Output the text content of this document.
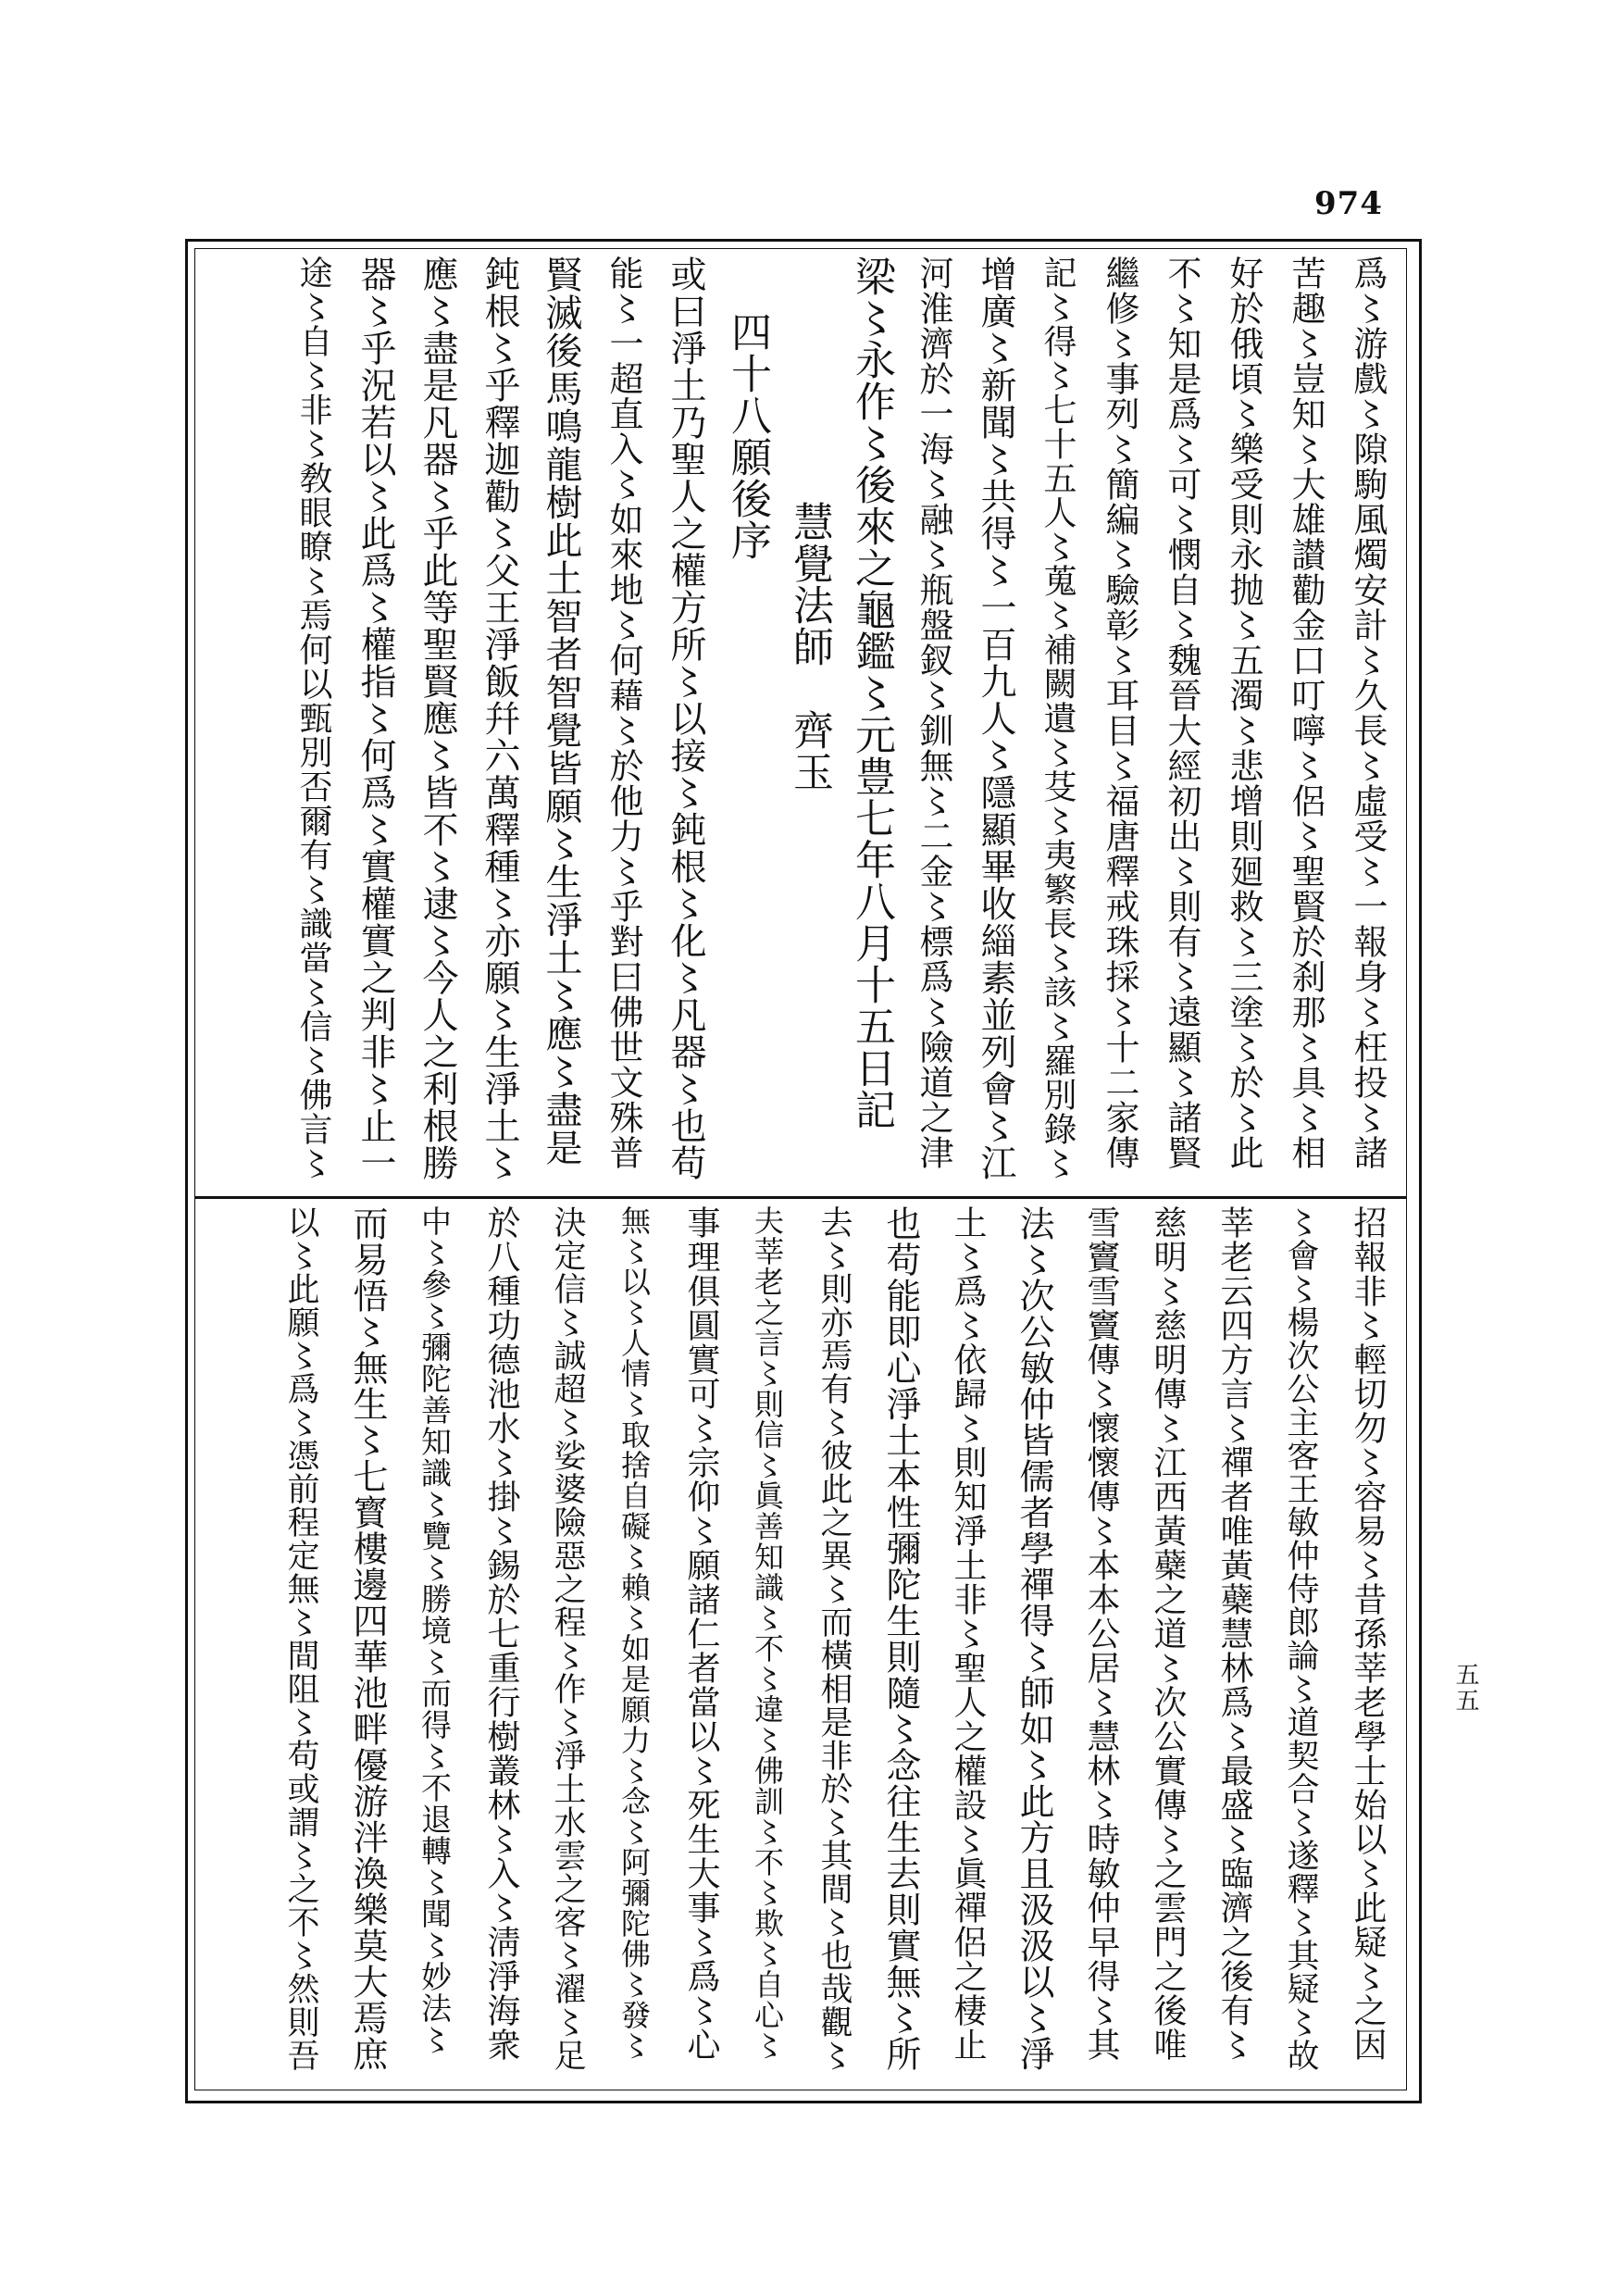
974
五五
爲〻游戲〻隙駒風燭安計〻久長〻虛受〻一報身〻枉投〻諸
苦趣〻豈知〻大雄讃勸金口叮嚀〻侶〻聖賢於刹那〻具〻相
好於俄頃〻樂受則永抛〻五濁〻悲增則廻救〻三塗〻於〻此
不〻知是爲〻可〻憫自〻魏晉大經初出〻則有〻遠顯〻諸賢
繼修〻事列〻簡編〻驗彰〻耳目〻福唐釋戒珠採〻十二家傳
記〻得〻七十五人〻蒐〻補闕遺〻芟〻夷繁長〻該〻羅別錄〻
增廣〻新聞〻共得〻一百九人〻隱顯畢收緇素並列會〻江
河淮濟於一海〻融〻瓶盤釵〻釧無〻二金〻標爲〻險道之津
梁〻永作〻後來之龜鑑〻元豊七年八月十五日記
慧覺法師　齊玉
四十八願後序
或曰淨土乃聖人之權方所〻以接〻鈍根〻化〻凡器〻也苟
能〻一超直入〻如來地〻何藉〻於他力〻乎對曰佛世文殊普
賢滅後馬鳴龍樹此土智者智覺皆願〻生淨土〻應〻盡是
鈍根〻乎釋迦勸〻父王淨飯幷六萬釋種〻亦願〻生淨土〻
應〻盡是凡器〻乎此等聖賢應〻皆不〻逮〻今人之利根勝
器〻乎況若以〻此爲〻權指〻何爲〻實權實之判非〻止一
途〻自〻非〻敎眼瞭〻焉何以甄別否爾有〻識當〻信〻佛言〻
招報非〻輕切勿〻容易〻昔孫莘老學士始以〻此疑〻之因
〻會〻楊次公主客王敏仲侍郎論〻道契合〻遂釋〻其疑〻故
莘老云四方言〻禪者唯黃蘗慧林爲〻最盛〻臨濟之後有〻
慈明〻慈明傳〻江西黃蘗之道〻次公實傳〻之雲門之後唯
雪竇雪竇傳〻懷懷傳〻本本公居〻慧林〻時敏仲早得〻其
法〻次公敏仲皆儒者學禪得〻師如〻此方且汲汲以〻淨
土〻爲〻依歸〻則知淨土非〻聖人之權設〻眞禪侶之棲止
也苟能即心淨土本性彌陀生則隨〻念往生去則實無〻所
去〻則亦焉有〻彼此之異〻而橫相是非於〻其間〻也哉觀〻
夫莘老之言〻則信〻眞善知識〻不〻違〻佛訓〻不〻欺〻自心〻
事理俱圓實可〻宗仰〻願諸仁者當以〻死生大事〻爲〻心
無〻以〻人情〻取捨自礙〻賴〻如是願力〻念〻阿彌陀佛〻發〻
決定信〻誠超〻娑婆險惡之程〻作〻淨土水雲之客〻濯〻足
於八種功德池水〻掛〻錫於七重行樹叢林〻入〻淸淨海衆
中〻參〻彌陀善知識〻覽〻勝境〻而得〻不退轉〻聞〻妙法〻
而易悟〻無生〻七寳樓邊四華池畔優游泮渙樂莫大焉庶
以〻此願〻爲〻憑前程定無〻間阻〻苟或謂〻之不〻然則吾
